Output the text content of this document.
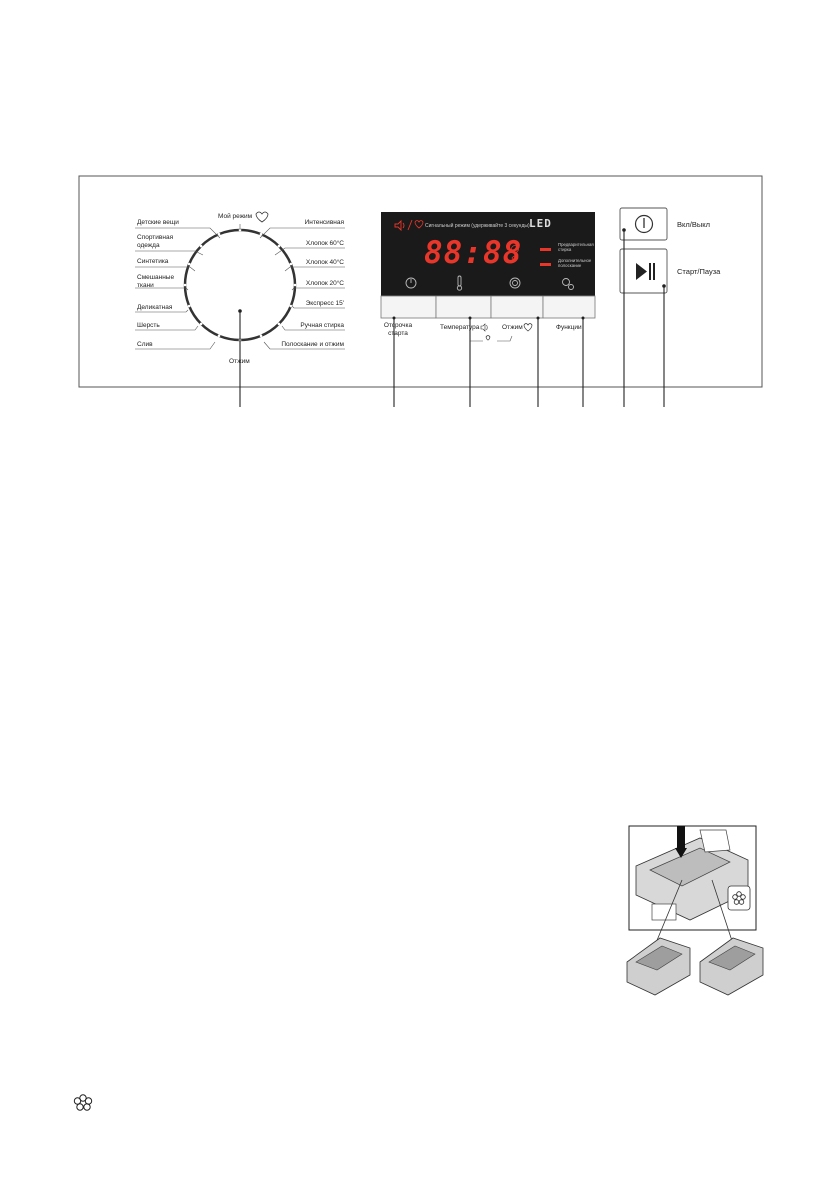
Детские вещи
Спортивная
одежда
Синтетика
Смешанные
ткани
Деликатная
Шерсть
Слив
Интенсивная
Хлопок 60°C
Хлопок 40°C
Хлопок 20°C
Экспресс 15'
Ручная стирка
Полоскание и отжим
Мой режим
Отжим
Сигнальный режим (удерживайте 3 секунды) LED
88:88	Предварительная стирка
Дополнительное полоскание
Отсрочка
старта
Температура	Отжим	Функции
Вкл/Выкл
Старт/Пауза
